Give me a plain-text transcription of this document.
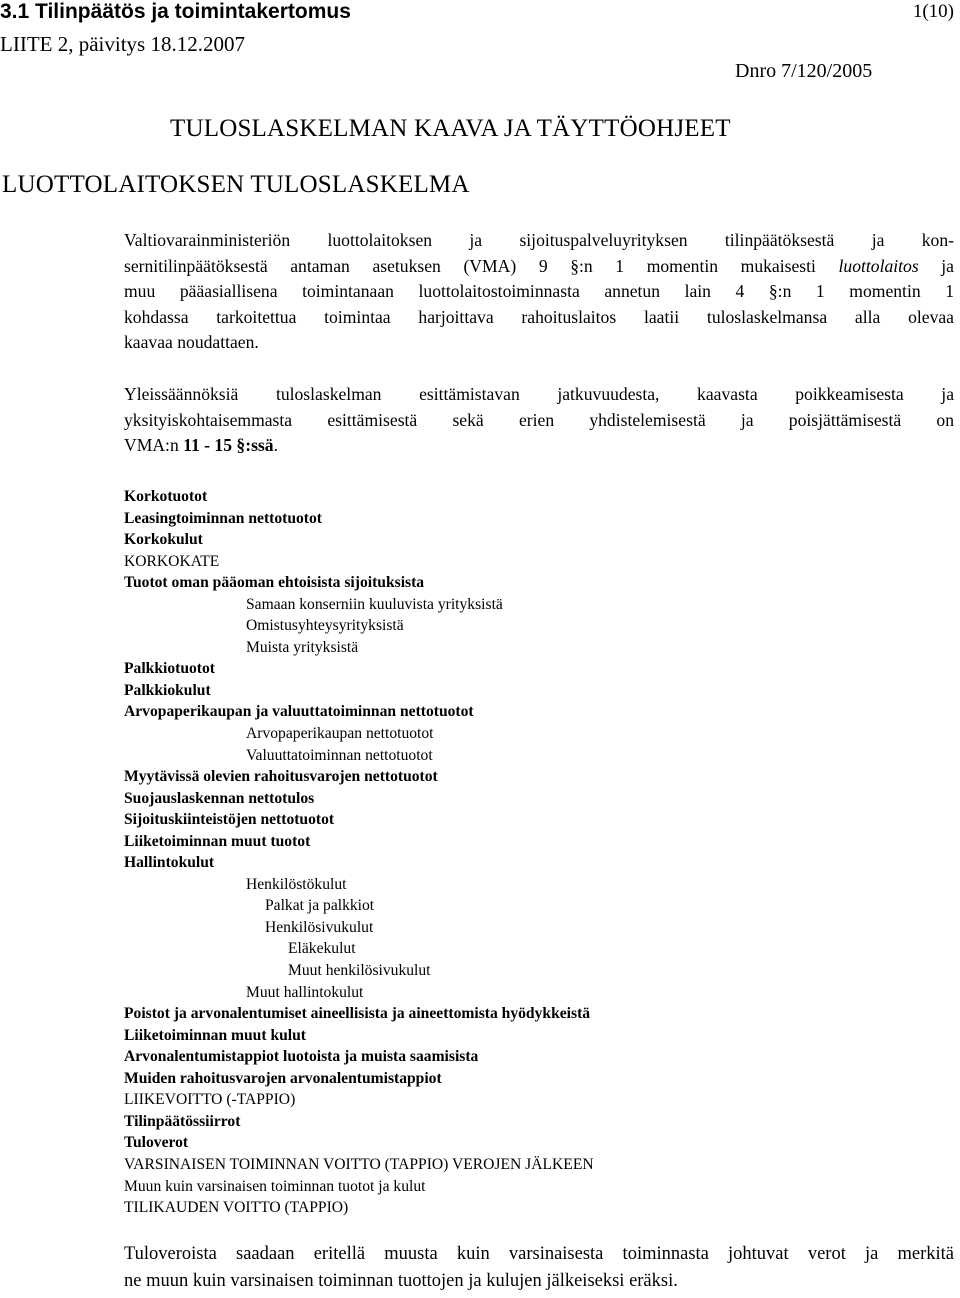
3.1 Tilinpäätös ja toimintakertomus
LIITE 2, päivitys 18.12.2007
1(10)
Dnro 7/120/2005
TULOSLASKELMAN KAAVA JA TÄYTTÖOHJEET
LUOTTOLAITOKSEN TULOSLASKELMA
Valtiovarainministeriön luottolaitoksen ja sijoituspalveluyrityksen tilinpäätöksestä ja kon-
sernitilinpäätöksestä antaman asetuksen (VMA) 9 §:n 1 momentin mukaisesti luottolaitos ja
muu pääasiallisena toimintanaan luottolaitostoiminnasta annetun lain 4 §:n 1 momentin 1
kohdassa tarkoitettua toimintaa harjoittava rahoituslaitos laatii tuloslaskelmansa alla olevaa
kaavaa noudattaen.
Yleissäännöksiä tuloslaskelman esittämistavan jatkuvuudesta, kaavasta poikkeamisesta ja
yksityiskohtaisemmasta esittämisestä sekä erien yhdistelemisestä ja poisjättämisestä on
VMA:n 11 - 15 §:ssä.
Korkotuotot
Leasingtoiminnan nettotuotot
Korkokulut
KORKOKATE
Tuotot oman pääoman ehtoisista sijoituksista
Samaan konserniin kuuluvista yrityksistä
Omistusyhteysyrityksistä
Muista yrityksistä
Palkkiotuotot
Palkkiokulut
Arvopaperikaupan ja valuuttatoiminnan nettotuotot
Arvopaperikaupan nettotuotot
Valuuttatoiminnan nettotuotot
Myytävissä olevien rahoitusvarojen nettotuotot
Suojauslaskennan nettotulos
Sijoituskiinteistöjen nettotuotot
Liiketoiminnan muut tuotot
Hallintokulut
Henkilöstökulut
Palkat ja palkkiot
Henkilösivukulut
Eläkekulut
Muut henkilösivukulut
Muut hallintokulut
Poistot ja arvonalentumiset aineellisista ja aineettomista hyödykkeistä
Liiketoiminnan muut kulut
Arvonalentumistappiot luotoista ja muista saamisista
Muiden rahoitusvarojen arvonalentumistappiot
LIIKEVOITTO (-TAPPIO)
Tilinpäätössiirrot
Tuloverot
VARSINAISEN TOIMINNAN VOITTO (TAPPIO) VEROJEN JÄLKEEN
Muun kuin varsinaisen toiminnan tuotot ja kulut
TILIKAUDEN VOITTO (TAPPIO)
Tuloveroista saadaan eritellä muusta kuin varsinaisesta toiminnasta johtuvat verot ja merkitä
ne muun kuin varsinaisen toiminnan tuottojen ja kulujen jälkeiseksi eräksi.
